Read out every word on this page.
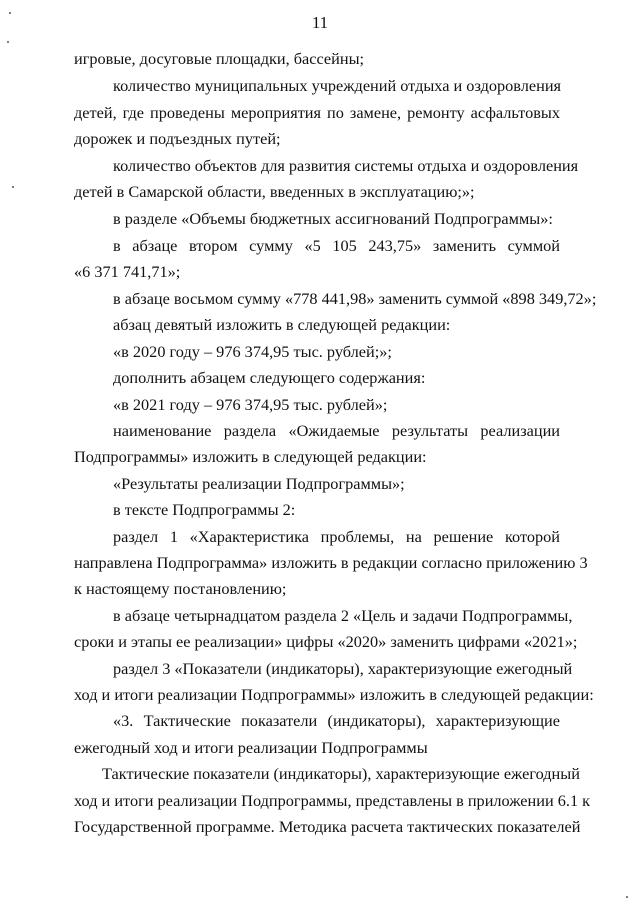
11
игровые, досуговые площадки, бассейны;
количество муниципальных учреждений отдыха и оздоровления
детей, где проведены мероприятия по замене, ремонту асфальтовых
дорожек и подъездных путей;
количество объектов для развития системы отдыха и оздоровления
детей в Самарской области, введенных в эксплуатацию;»;
в разделе «Объемы бюджетных ассигнований Подпрограммы»:
в абзаце втором сумму «5 105 243,75» заменить суммой
«6 371 741,71»;
в абзаце восьмом сумму «778 441,98» заменить суммой «898 349,72»;
абзац девятый изложить в следующей редакции:
«в 2020 году – 976 374,95 тыс. рублей;»;
дополнить абзацем следующего содержания:
«в 2021 году – 976 374,95 тыс. рублей»;
наименование раздела «Ожидаемые результаты реализации
Подпрограммы» изложить в следующей редакции:
«Результаты реализации Подпрограммы»;
в тексте Подпрограммы 2:
раздел 1 «Характеристика проблемы, на решение которой
направлена Подпрограмма» изложить в редакции согласно приложению 3
к настоящему постановлению;
в абзаце четырнадцатом раздела 2 «Цель и задачи Подпрограммы,
сроки и этапы ее реализации» цифры «2020» заменить цифрами «2021»;
раздел 3 «Показатели (индикаторы), характеризующие ежегодный
ход и итоги реализации Подпрограммы» изложить в следующей редакции:
«3. Тактические показатели (индикаторы), характеризующие
ежегодный ход и итоги реализации Подпрограммы
Тактические показатели (индикаторы), характеризующие ежегодный
ход и итоги реализации Подпрограммы, представлены в приложении 6.1 к
Государственной программе. Методика расчета тактических показателей
